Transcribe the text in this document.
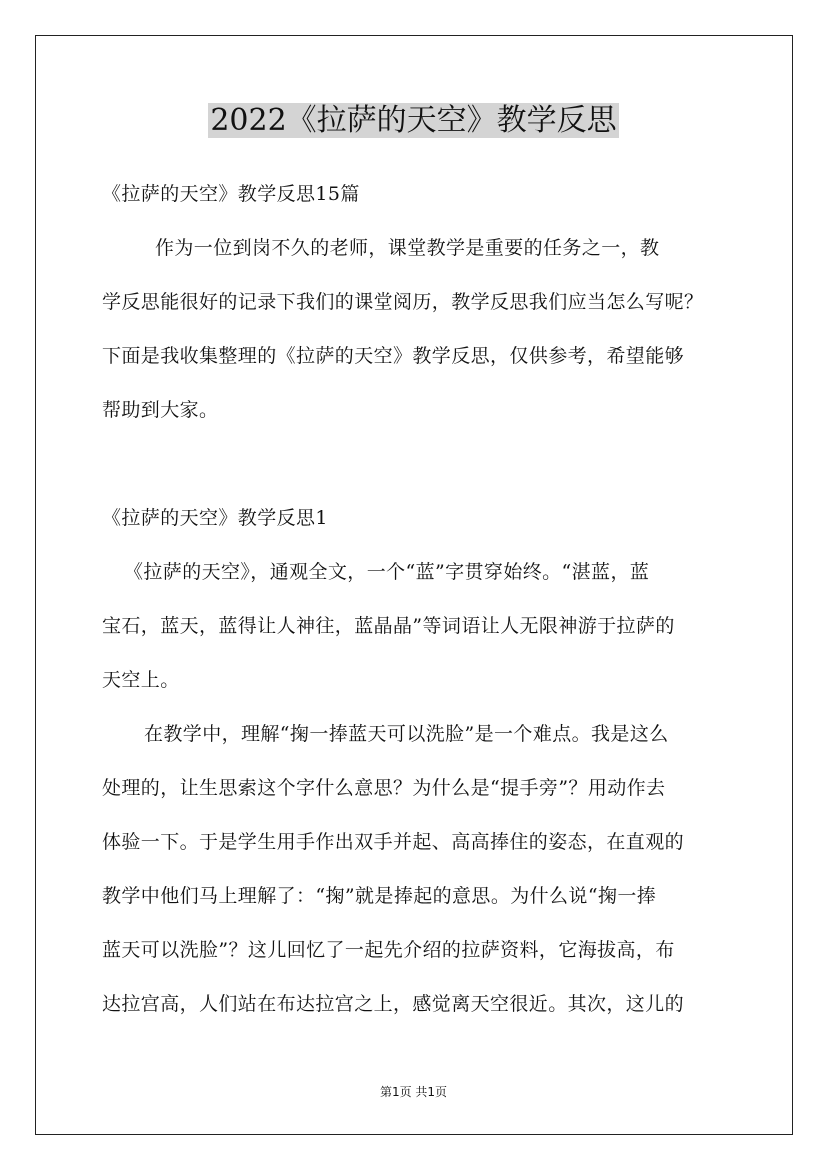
2022《拉萨的天空》教学反思
《拉萨的天空》教学反思15篇
作为一位到岗不久的老师，课堂教学是重要的任务之一，教
学反思能很好的记录下我们的课堂阅历，教学反思我们应当怎么写呢？
下面是我收集整理的《拉萨的天空》教学反思，仅供参考，希望能够
帮助到大家。
《拉萨的天空》教学反思1
《拉萨的天空》，通观全文，一个“蓝”字贯穿始终。“湛蓝，蓝
宝石，蓝天，蓝得让人神往，蓝晶晶”等词语让人无限神游于拉萨的
天空上。
在教学中，理解“掬一捧蓝天可以洗脸”是一个难点。我是这么
处理的，让生思索这个字什么意思？为什么是“提手旁”？用动作去
体验一下。于是学生用手作出双手并起、高高捧住的姿态，在直观的
教学中他们马上理解了：“掬”就是捧起的意思。为什么说“掬一捧
蓝天可以洗脸”？这儿回忆了一起先介绍的拉萨资料，它海拔高，布
达拉宫高，人们站在布达拉宫之上，感觉离天空很近。其次，这儿的
第1页 共1页
